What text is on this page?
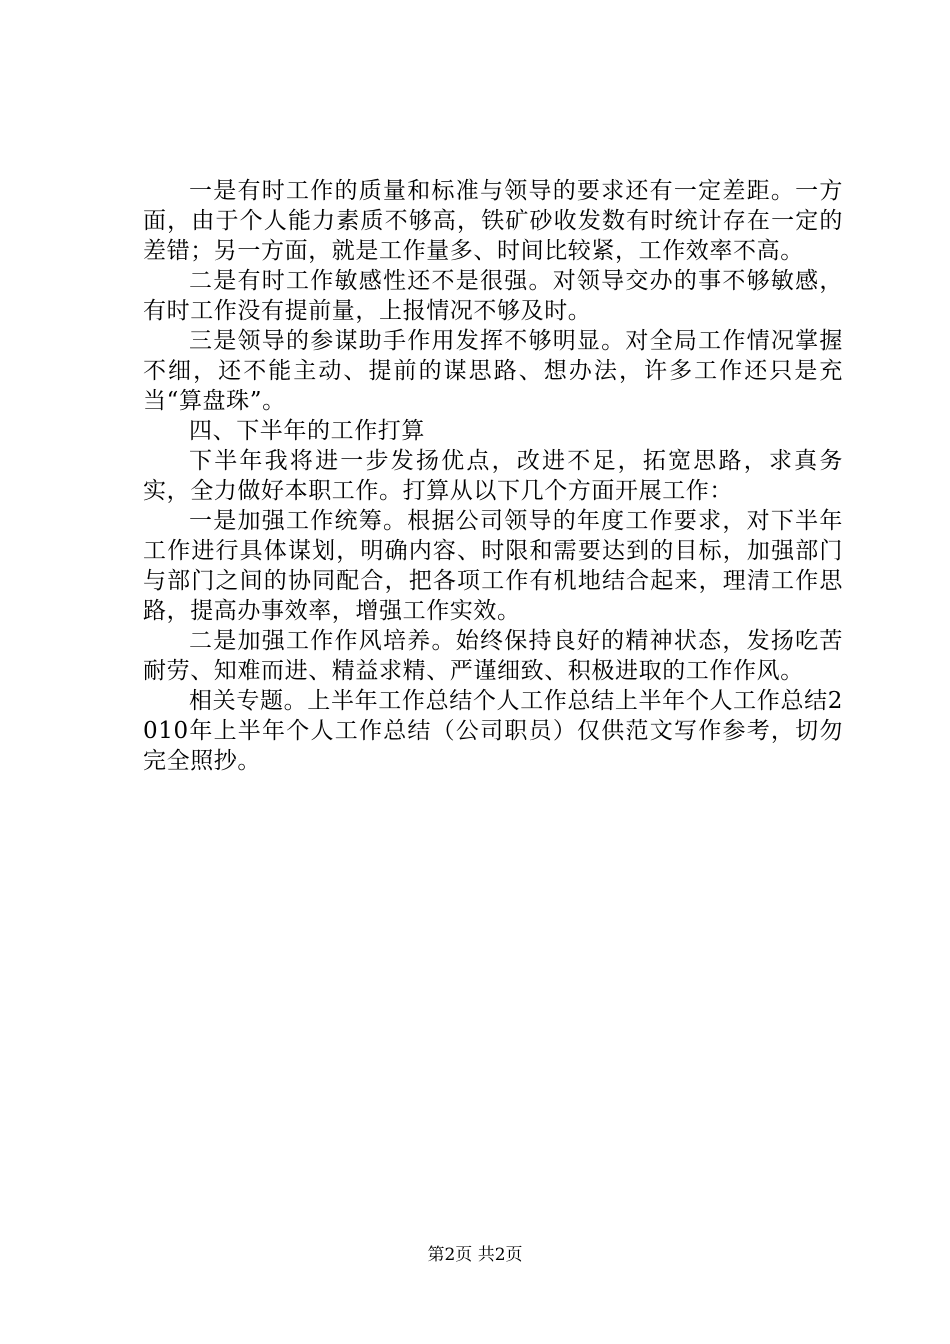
一是有时工作的质量和标准与领导的要求还有一定差距。一方面，由于个人能力素质不够高，铁矿砂收发数有时统计存在一定的差错；另一方面，就是工作量多、时间比较紧，工作效率不高。

二是有时工作敏感性还不是很强。对领导交办的事不够敏感，有时工作没有提前量，上报情况不够及时。

三是领导的参谋助手作用发挥不够明显。对全局工作情况掌握不细，还不能主动、提前的谋思路、想办法，许多工作还只是充当“算盘珠”。

四、下半年的工作打算

下半年我将进一步发扬优点，改进不足，拓宽思路，求真务实，全力做好本职工作。打算从以下几个方面开展工作：

一是加强工作统筹。根据公司领导的年度工作要求，对下半年工作进行具体谋划，明确内容、时限和需要达到的目标，加强部门与部门之间的协同配合，把各项工作有机地结合起来，理清工作思路，提高办事效率，增强工作实效。

二是加强工作作风培养。始终保持良好的精神状态，发扬吃苦耐劳、知难而进、精益求精、严谨细致、积极进取的工作作风。

相关专题。上半年工作总结个人工作总结上半年个人工作总结2010年上半年个人工作总结（公司职员）仅供范文写作参考，切勿完全照抄。

第2页 共2页
